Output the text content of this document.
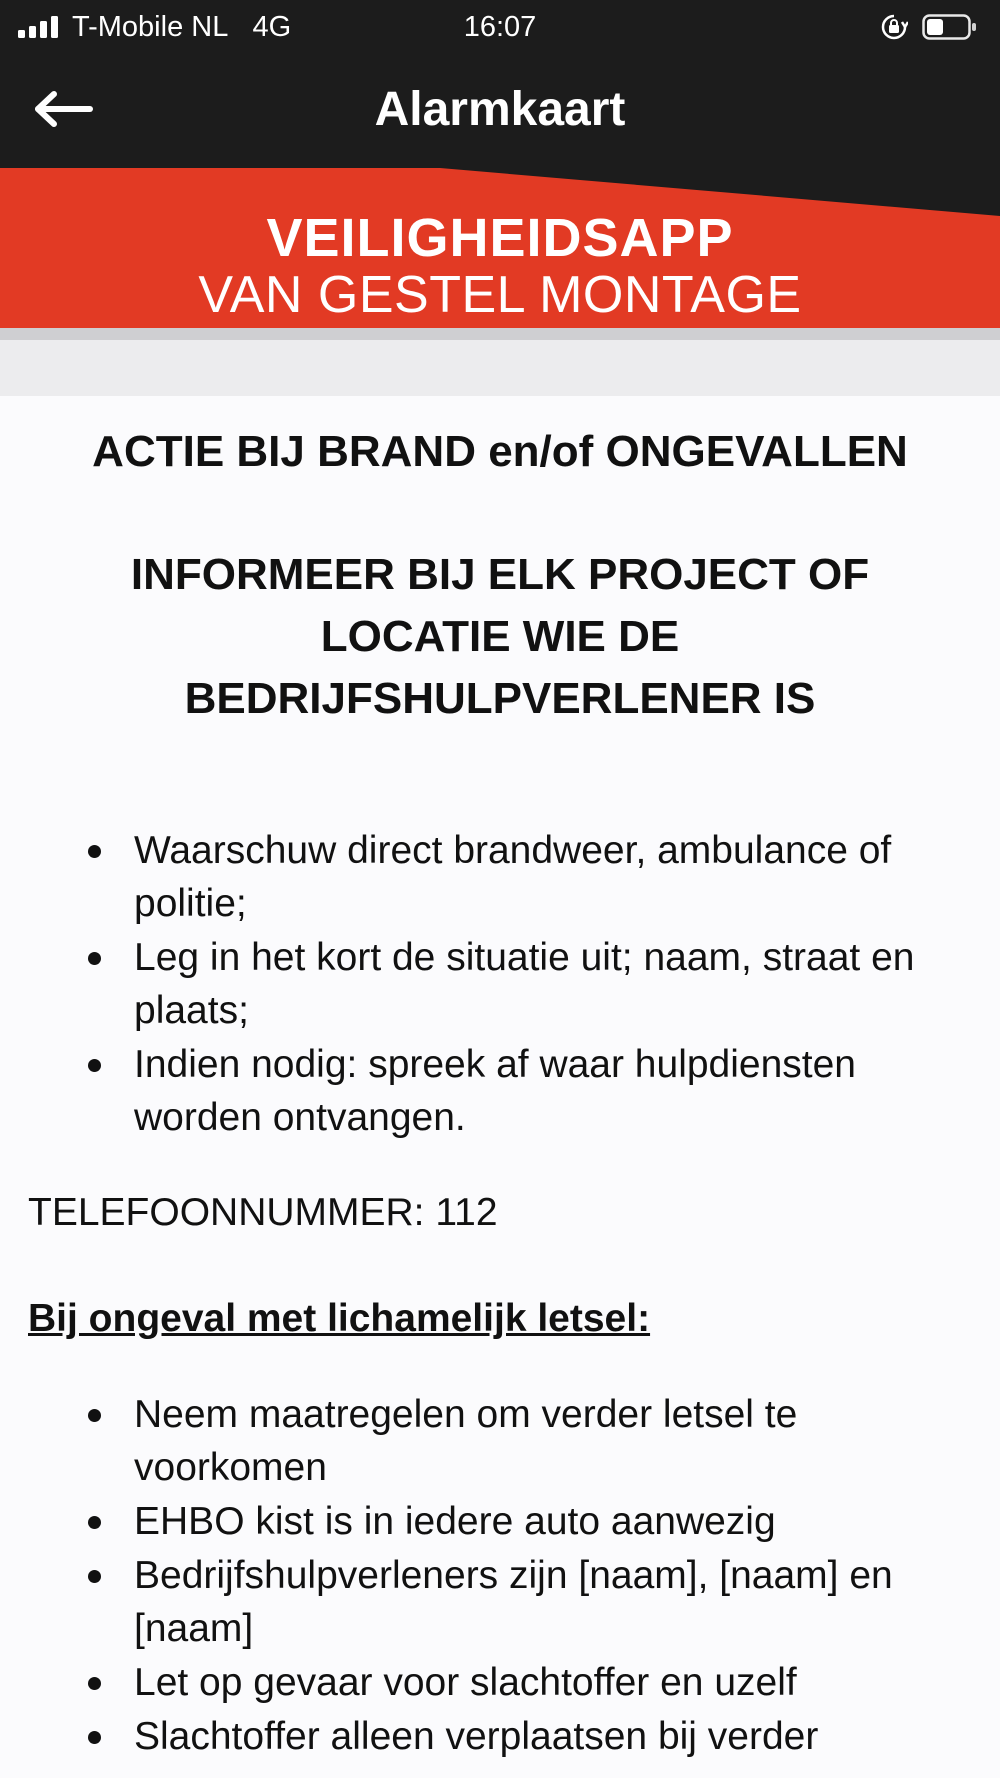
T-Mobile NL 4G	16:07
Alarmkaart
VEILIGHEIDSAPP
VAN GESTEL MONTAGE
ACTIE BIJ BRAND en/of ONGEVALLEN
INFORMEER BIJ ELK PROJECT OF LOCATIE WIE DE BEDRIJFSHULPVERLENER IS
Waarschuw direct brandweer, ambulance of politie;
Leg in het kort de situatie uit; naam, straat en plaats;
Indien nodig: spreek af waar hulpdiensten worden ontvangen.
TELEFOONNUMMER: 112
Bij ongeval met lichamelijk letsel:
Neem maatregelen om verder letsel te voorkomen
EHBO kist is in iedere auto aanwezig
Bedrijfshulpverleners zijn [naam], [naam] en [naam]
Let op gevaar voor slachtoffer en uzelf
Slachtoffer alleen verplaatsen bij verder
